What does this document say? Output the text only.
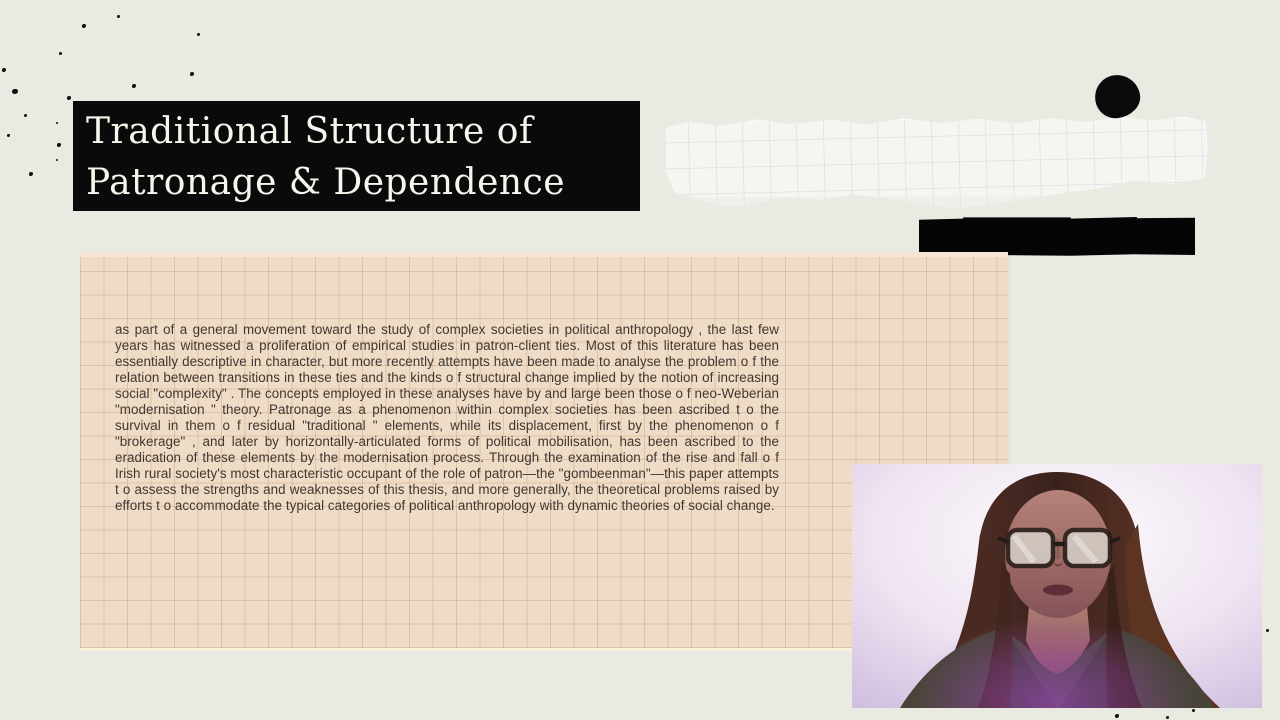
Traditional Structure of
Patronage & Dependence
as part of a general movement toward the study of complex societies in political anthropology , the last few years has witnessed a proliferation of empirical studies in patron-client ties. Most of this literature has been essentially descriptive in character, but more recently attempts have been made to analyse the problem o f the relation between transitions in these ties and the kinds o f structural change implied by the notion of increasing social "complexity" . The concepts employed in these analyses have by and large been those o f neo-Weberian "modernisation " theory. Patronage as a phenomenon within complex societies has been ascribed t o the survival in them o f residual "traditional " elements, while its displacement, first by the phenomenon o f "brokerage" , and later by horizontally-articulated forms of political mobilisation, has been ascribed to the eradication of these elements by the modernisation process. Through the examination of the rise and fall o f Irish rural society's most characteristic occupant of the role of patron—the "gombeenman"—this paper attempts t o assess the strengths and weaknesses of this thesis, and more generally, the theoretical problems raised by efforts t o accommodate the typical categories of political anthropology with dynamic theories of social change.
